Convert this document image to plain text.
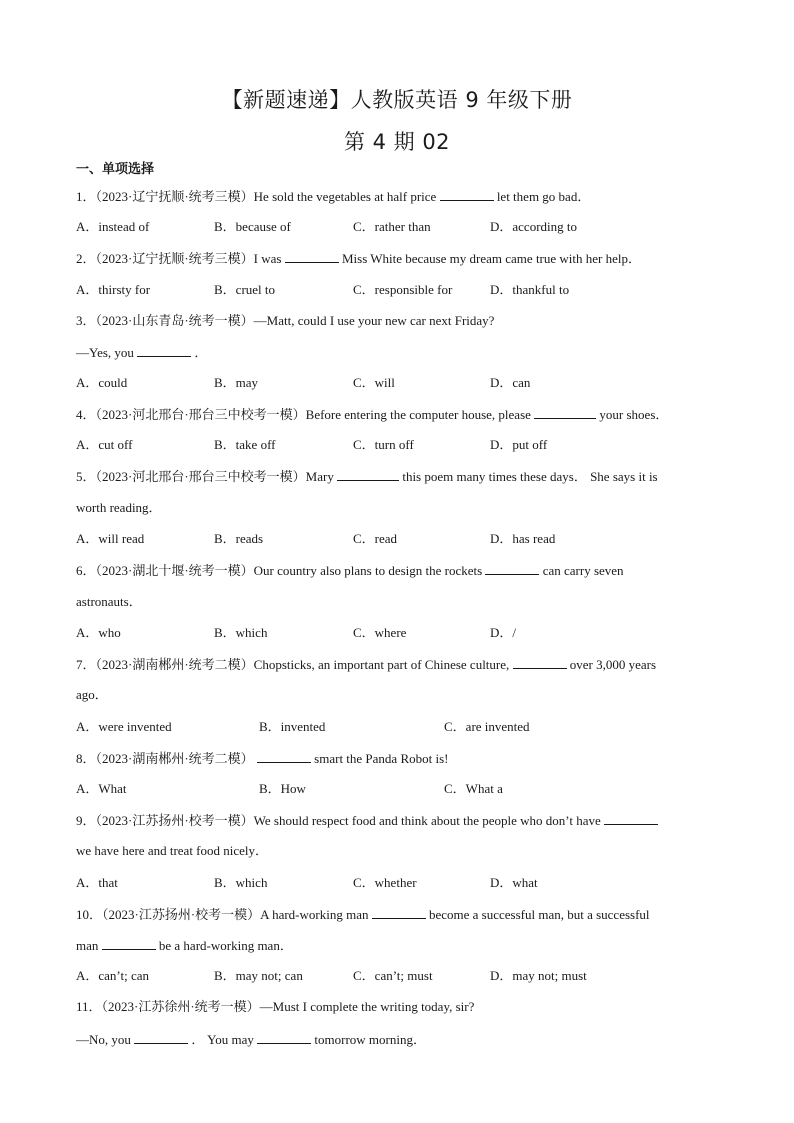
【新题速递】人教版英语 9 年级下册
第 4 期 02
一、单项选择
1．（2023·辽宁抚顺·统考三模）He sold the vegetables at half price	let them go bad．
A．instead of	B．because of	C．rather than	D．according to
2．（2023·辽宁抚顺·统考三模）I was	Miss White because my dream came true with her help．
A．thirsty for	B．cruel to	C．responsible for	D．thankful to
3．（2023·山东青岛·统考一模）—Matt, could I use your new car next Friday?
—Yes, you	．
A．could	B．may	C．will	D．can
4．（2023·河北邢台·邢台三中校考一模）Before entering the computer house, please	your shoes．
A．cut off	B．take off	C．turn off	D．put off
5．（2023·河北邢台·邢台三中校考一模）Mary	this poem many times these days． She says it is
worth reading．
A．will read	B．reads	C．read	D．has read
6．（2023·湖北十堰·统考一模）Our country also plans to design the rockets	can carry seven
astronauts．
A．who	B．which	C．where	D．/
7．（2023·湖南郴州·统考二模）Chopsticks, an important part of Chinese culture,	over 3,000 years
ago．
A．were invented	B．invented	C．are invented
8．（2023·湖南郴州·统考二模）	smart the Panda Robot is!
A．What	B．How	C．What a
9．（2023·江苏扬州·校考一模）We should respect food and think about the people who don’t have
we have here and treat food nicely．
A．that	B．which	C．whether	D．what
10．（2023·江苏扬州·校考一模）A hard-working man	become a successful man, but a successful
man	be a hard-working man．
A．can’t; can	B．may not; can	C．can’t; must	D．may not; must
11．（2023·江苏徐州·统考一模）—Must I complete the writing today, sir?
—No, you	． You may	tomorrow morning．
